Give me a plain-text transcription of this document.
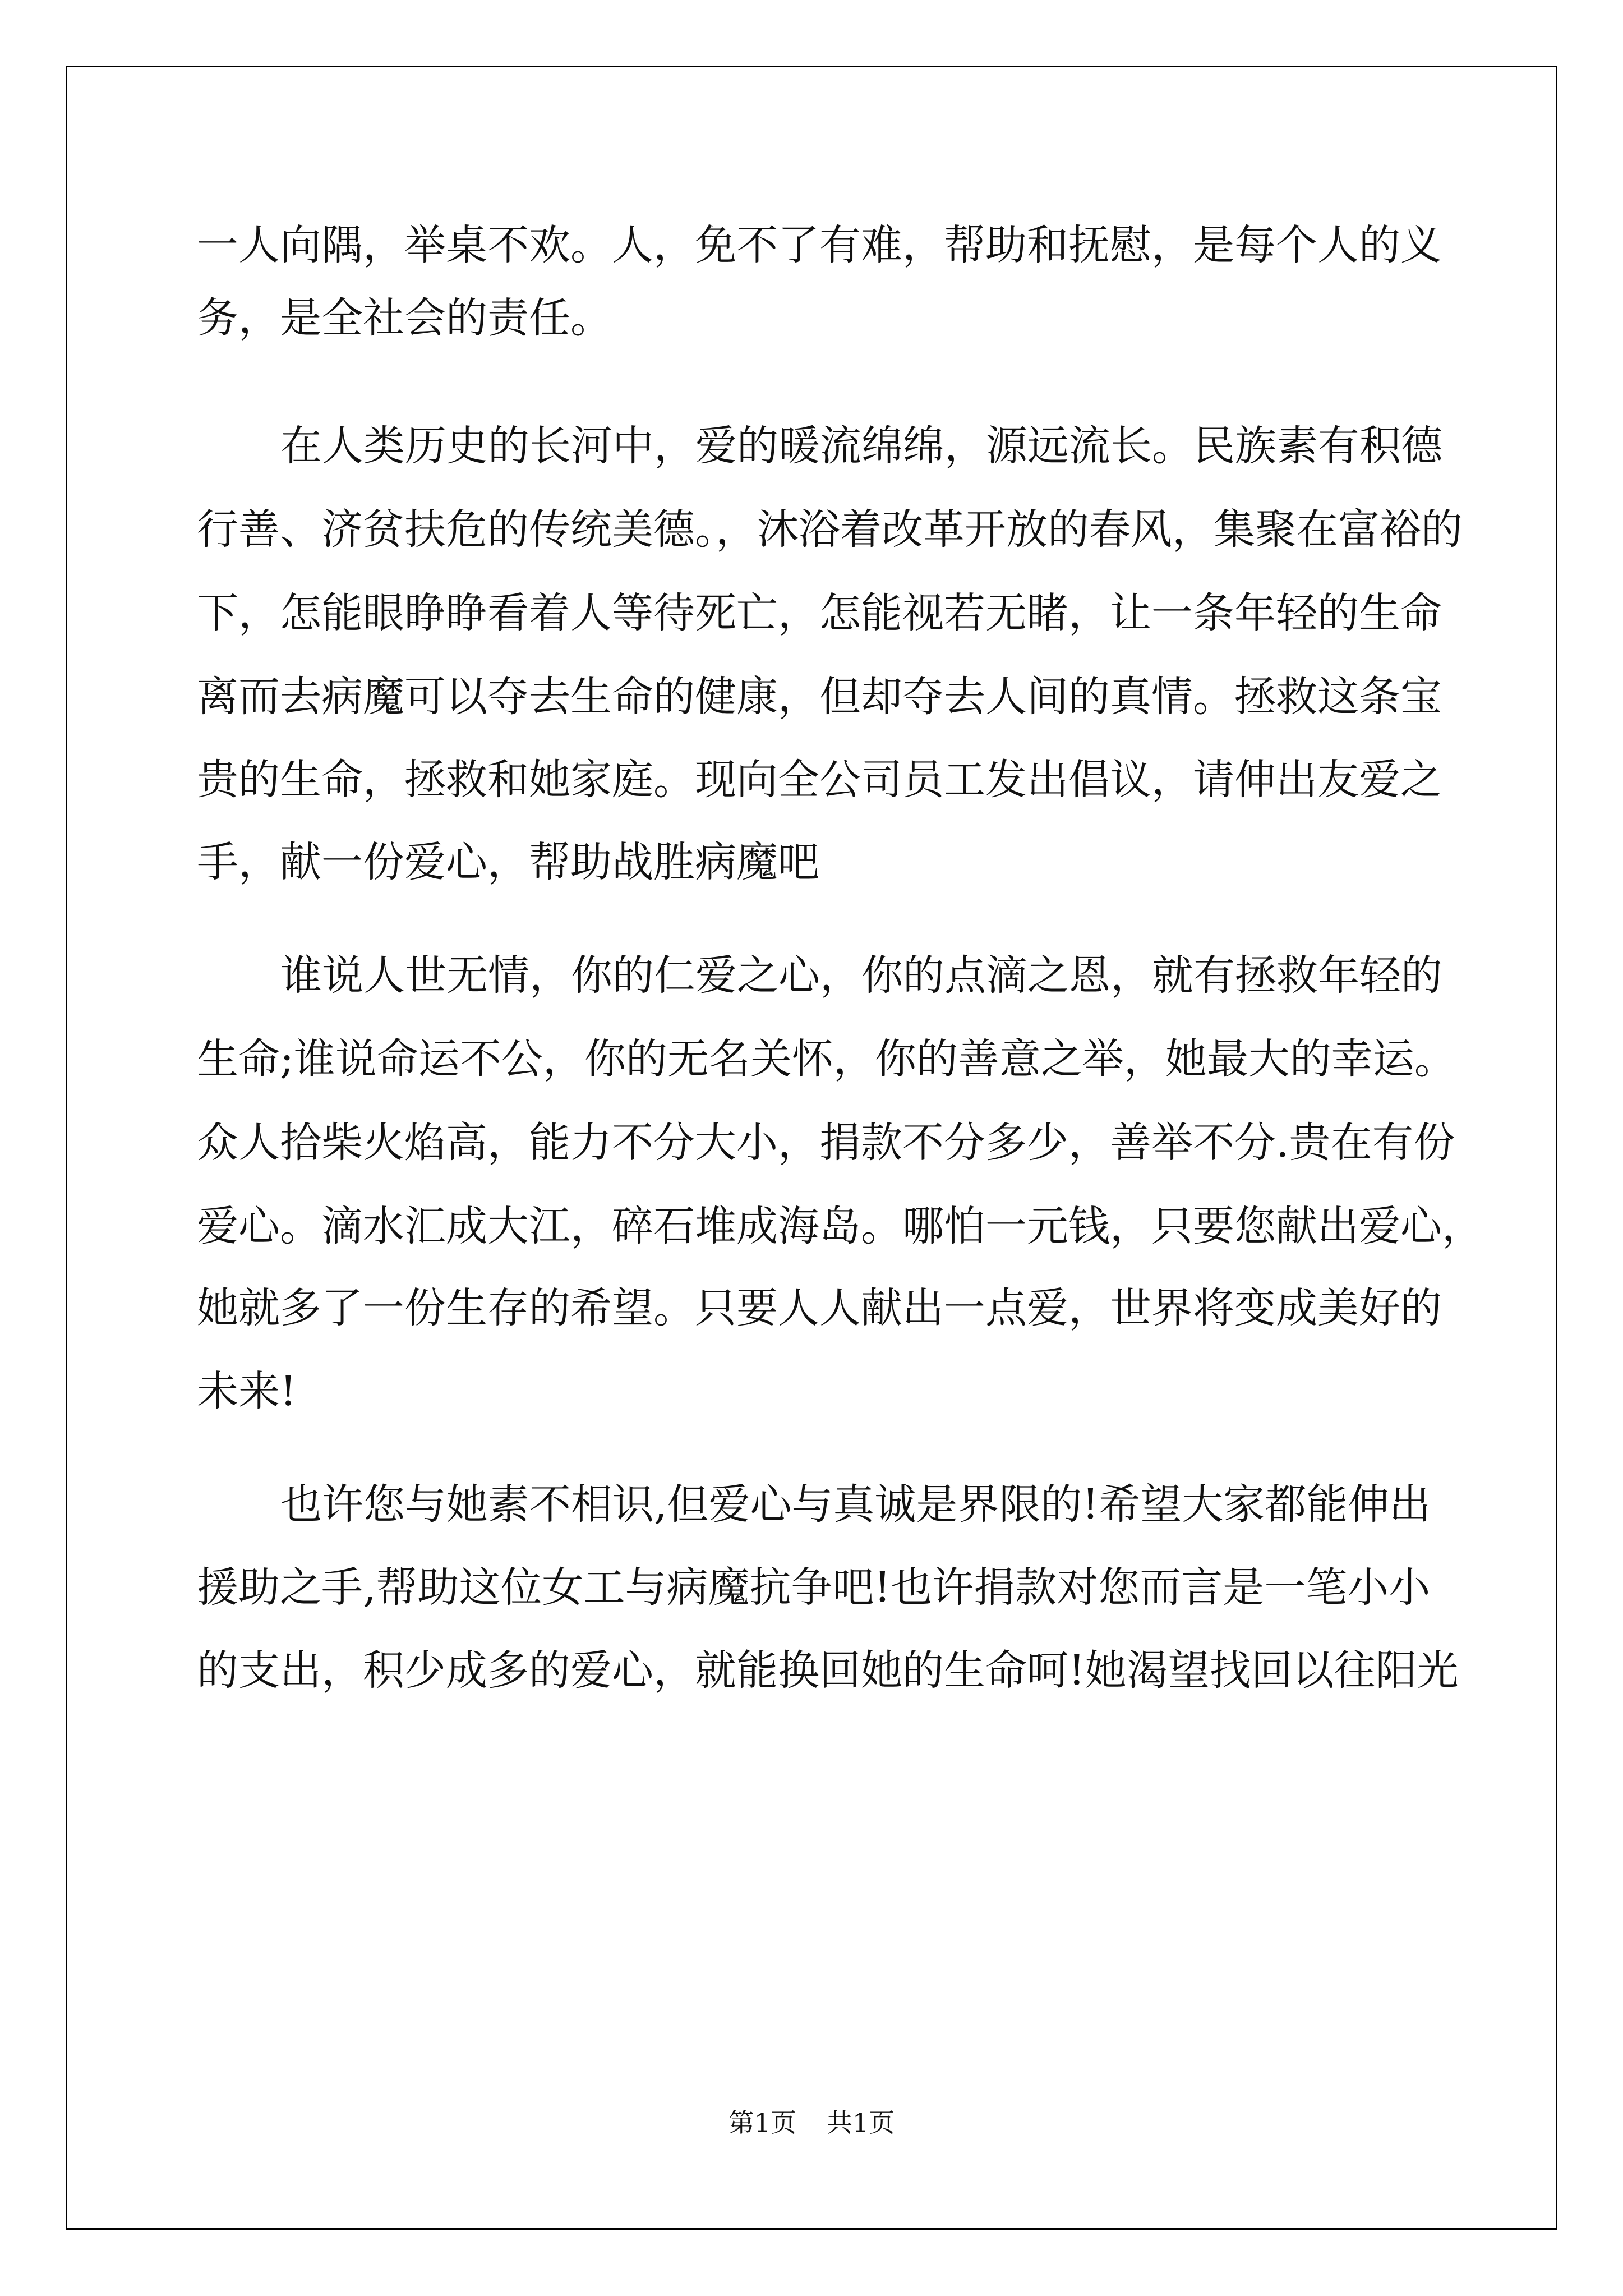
一人向隅，举桌不欢。人，免不了有难，帮助和抚慰，是每个人的义
务，是全社会的责任。
在人类历史的长河中，爱的暖流绵绵，源远流长。民族素有积德
行善、济贫扶危的传统美德。，沐浴着改革开放的春风，集聚在富裕的
下，怎能眼睁睁看着人等待死亡，怎能视若无睹，让一条年轻的生命
离而去病魔可以夺去生命的健康，但却夺去人间的真情。拯救这条宝
贵的生命，拯救和她家庭。现向全公司员工发出倡议，请伸出友爱之
手，献一份爱心，帮助战胜病魔吧
谁说人世无情，你的仁爱之心，你的点滴之恩，就有拯救年轻的
生命;谁说命运不公，你的无名关怀，你的善意之举，她最大的幸运。
众人拾柴火焰高，能力不分大小，捐款不分多少，善举不分.贵在有份
爱心。滴水汇成大江，碎石堆成海岛。哪怕一元钱，只要您献出爱心，
她就多了一份生存的希望。只要人人献出一点爱，世界将变成美好的
未来!
也许您与她素不相识,但爱心与真诚是界限的!希望大家都能伸出
援助之手,帮助这位女工与病魔抗争吧!也许捐款对您而言是一笔小小
的支出，积少成多的爱心，就能换回她的生命呵!她渴望找回以往阳光
第1页 共1页
